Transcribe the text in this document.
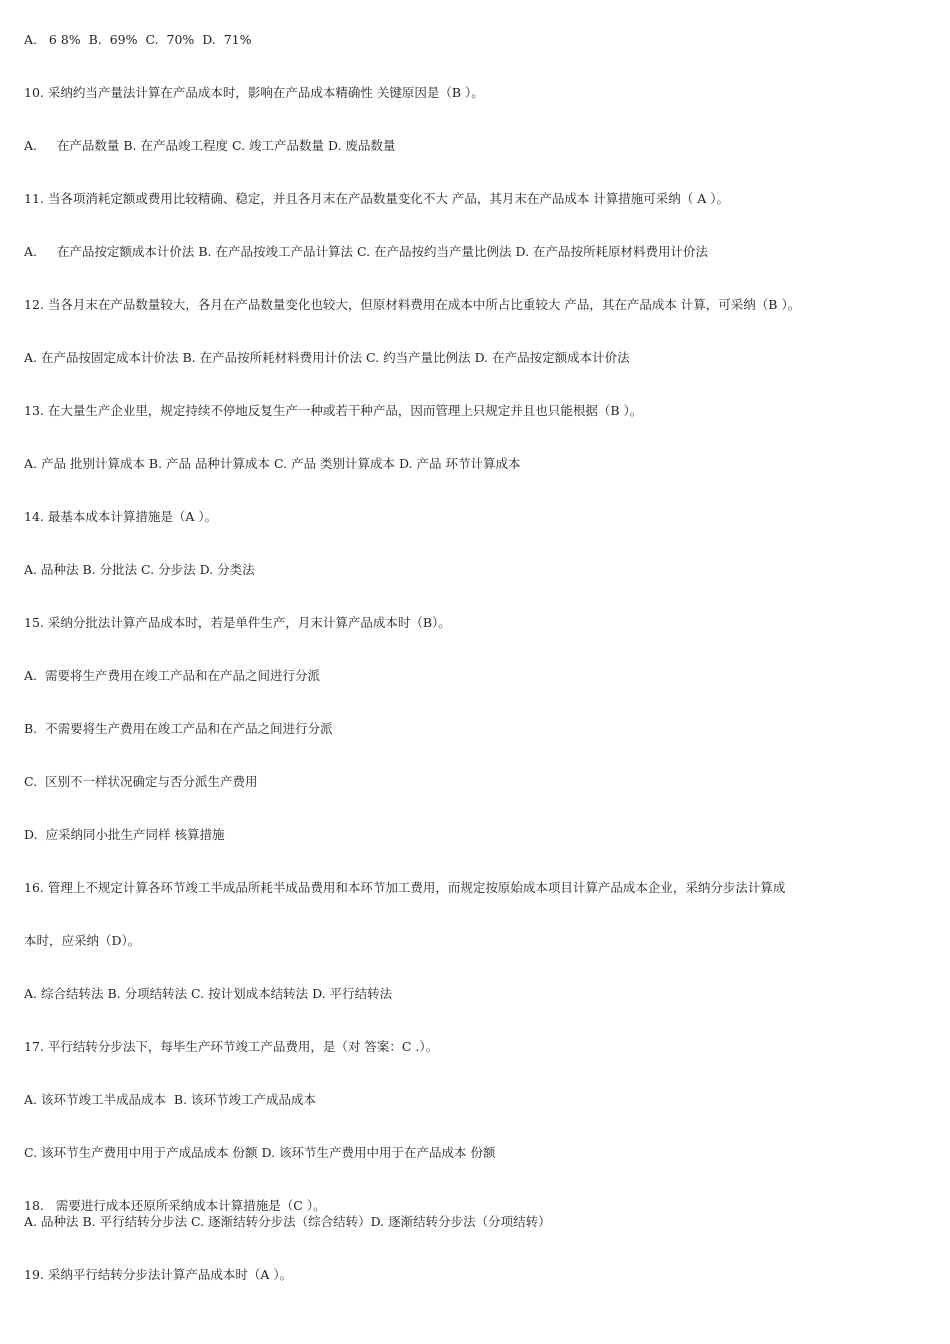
A.   6 8%  B.  69%  C.  70%  D.  71%
10. 采纳约当产量法计算在产品成本时，影响在产品成本精确性 关键原因是（B ）。
A.     在产品数量 B. 在产品竣工程度 C. 竣工产品数量 D. 废品数量
11. 当各项消耗定额或费用比较精确、稳定，并且各月末在产品数量变化不大 产品，其月末在产品成本 计算措施可采纳（ A ）。
A.     在产品按定额成本计价法 B. 在产品按竣工产品计算法 C. 在产品按约当产量比例法 D. 在产品按所耗原材料费用计价法
12. 当各月末在产品数量较大，各月在产品数量变化也较大，但原材料费用在成本中所占比重较大 产品，其在产品成本 计算，可采纳（B ）。
A. 在产品按固定成本计价法 B. 在产品按所耗材料费用计价法 C. 约当产量比例法 D. 在产品按定额成本计价法
13. 在大量生产企业里，规定持续不停地反复生产一种或若干种产品，因而管理上只规定并且也只能根据（B ）。
A. 产品 批别计算成本 B. 产品 品种计算成本 C. 产品 类别计算成本 D. 产品 环节计算成本
14. 最基本成本计算措施是（A ）。
A. 品种法 B. 分批法 C. 分步法 D. 分类法
15. 采纳分批法计算产品成本时，若是单件生产，月末计算产品成本时（B）。
A.  需要将生产费用在竣工产品和在产品之间进行分派
B.  不需要将生产费用在竣工产品和在产品之间进行分派
C.  区别不一样状况确定与否分派生产费用
D.  应采纳同小批生产同样 核算措施
16. 管理上不规定计算各环节竣工半成品所耗半成品费用和本环节加工费用，而规定按原始成本项目计算产品成本企业，采纳分步法计算成
本时，应采纳（D）。
A. 综合结转法 B. 分项结转法 C. 按计划成本结转法 D. 平行结转法
17. 平行结转分步法下，每毕生产环节竣工产品费用，是（对 答案：C .）。
A. 该环节竣工半成品成本  B. 该环节竣工产成品成本
C. 该环节生产费用中用于产成品成本 份额 D. 该环节生产费用中用于在产品成本 份额
18.   需要进行成本还原所采纳成本计算措施是（C ）。
A. 品种法 B. 平行结转分步法 C. 逐渐结转分步法（综合结转）D. 逐渐结转分步法（分项结转）
19. 采纳平行结转分步法计算产品成本时（A ）。
